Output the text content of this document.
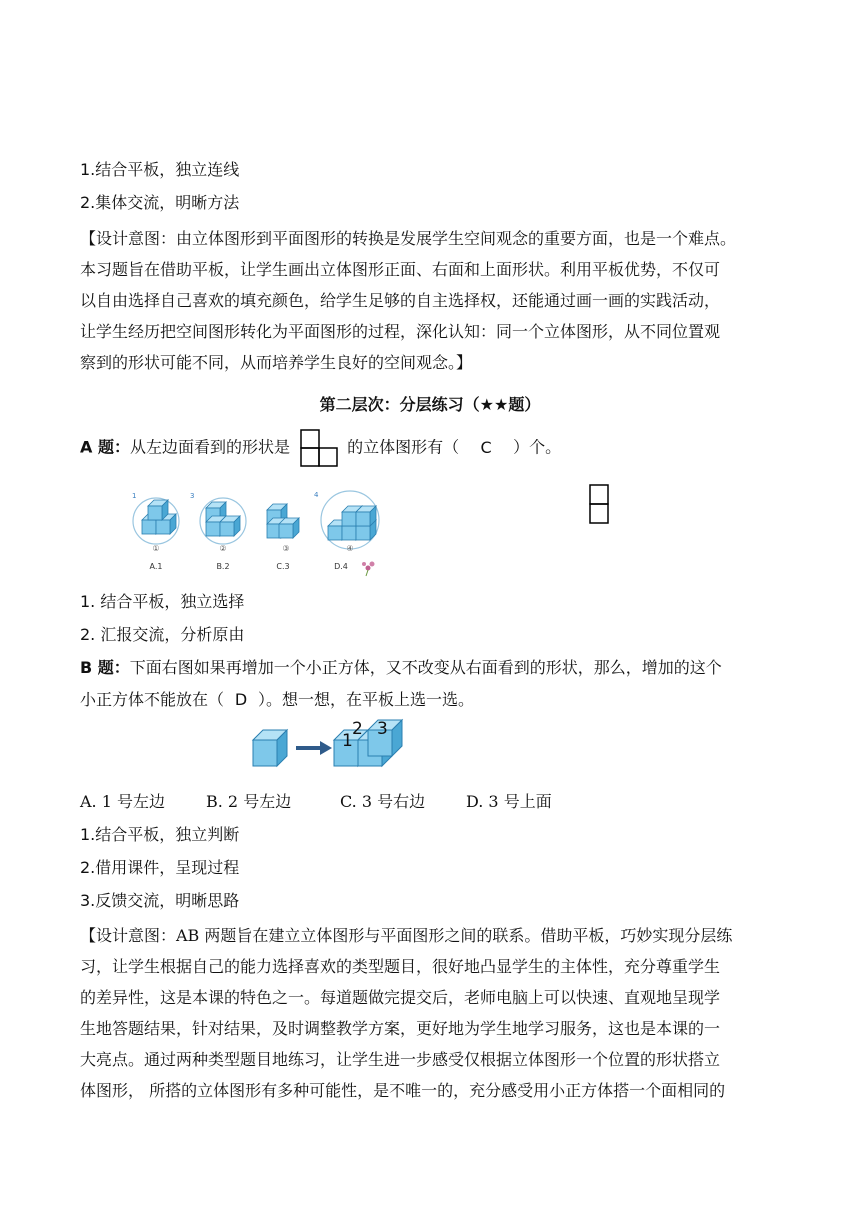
1.结合平板，独立连线
2.集体交流，明晰方法
【设计意图：由立体图形到平面图形的转换是发展学生空间观念的重要方面，也是一个难点。
本习题旨在借助平板，让学生画出立体图形正面、右面和上面形状。利用平板优势，不仅可
以自由选择自己喜欢的填充颜色，给学生足够的自主选择权，还能通过画一画的实践活动，
让学生经历把空间图形转化为平面图形的过程，深化认知：同一个立体图形，从不同位置观
察到的形状可能不同，从而培养学生良好的空间观念。】
第二层次：分层练习（★★题）
A 题：从左边面看到的形状是	的立体图形有（ C ）个。
1
①
A.1
3
②
B.2
③
C.3
4
④
D.4
1. 结合平板，独立选择
2. 汇报交流，分析原由
B 题：下面右图如果再增加一个小正方体，又不改变从右面看到的形状，那么，增加的这个
小正方体不能放在（ D ）。想一想，在平板上选一选。
1
2 3
A. 1 号左边	B. 2 号左边	C. 3 号右边	D. 3 号上面
1.结合平板，独立判断
2.借用课件，呈现过程
3.反馈交流，明晰思路
【设计意图：AB 两题旨在建立立体图形与平面图形之间的联系。借助平板，巧妙实现分层练
习，让学生根据自己的能力选择喜欢的类型题目，很好地凸显学生的主体性，充分尊重学生
的差异性，这是本课的特色之一。每道题做完提交后，老师电脑上可以快速、直观地呈现学
生地答题结果，针对结果，及时调整教学方案，更好地为学生地学习服务，这也是本课的一
大亮点。通过两种类型题目地练习，让学生进一步感受仅根据立体图形一个位置的形状搭立
体图形， 所搭的立体图形有多种可能性，是不唯一的，充分感受用小正方体搭一个面相同的
